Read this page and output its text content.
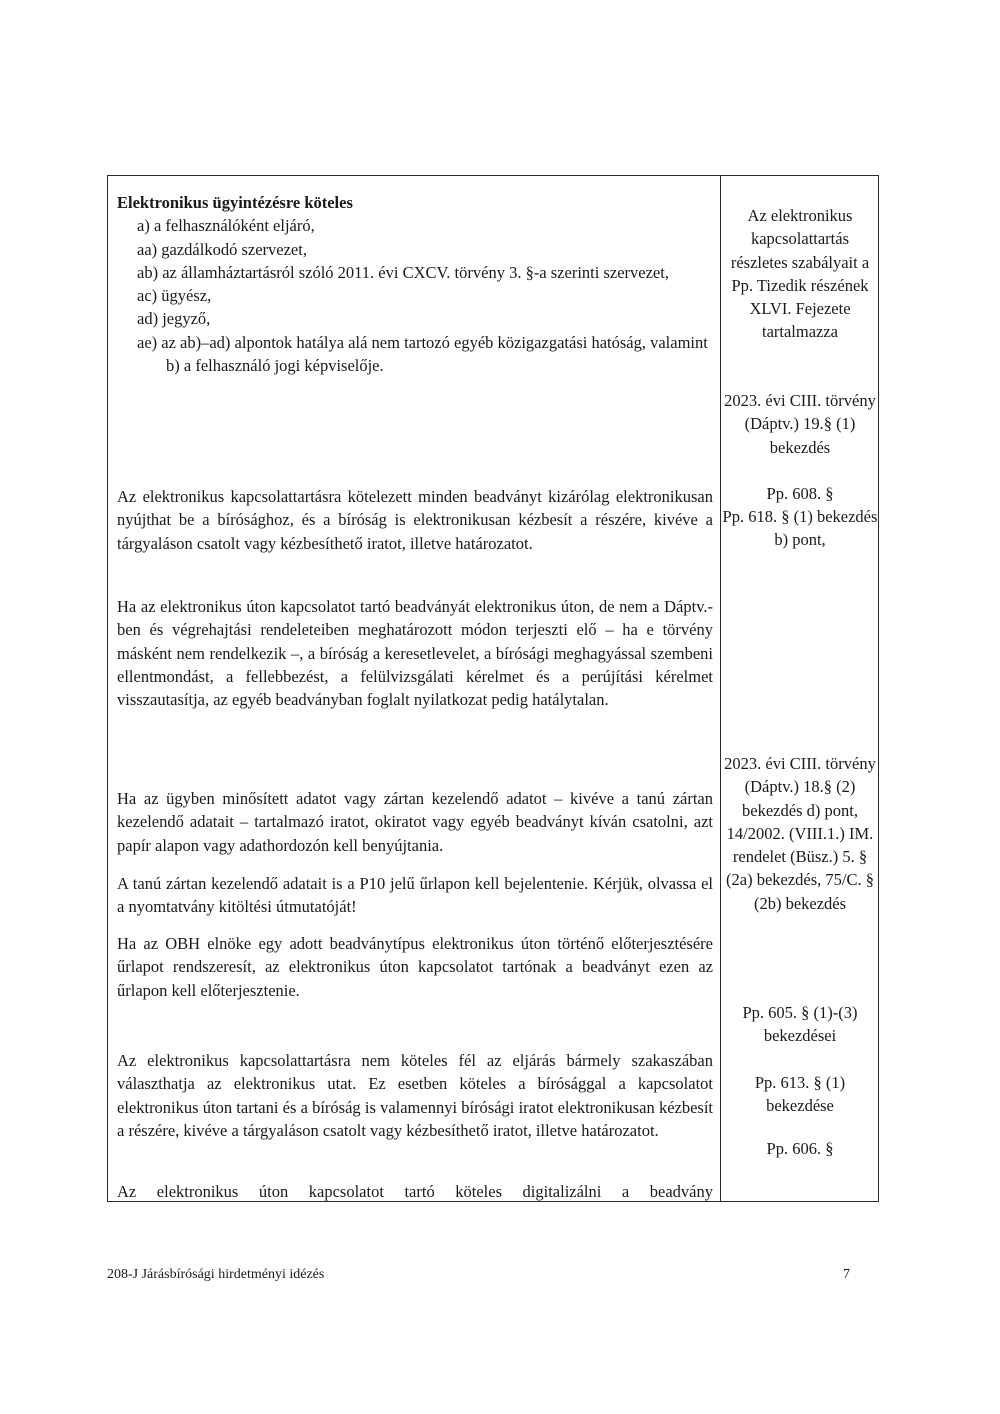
Elektronikus ügyintézésre köteles

a) a felhasználóként eljáró,

aa) gazdálkodó szervezet,

ab) az államháztartásról szóló 2011. évi CXCV. törvény 3. §-a szerinti szervezet,

ac) ügyész,

ad) jegyző,

ae) az ab)–ad) alpontok hatálya alá nem tartozó egyéb közigazgatási hatóság, valamint

b) a felhasználó jogi képviselője.

Az elektronikus kapcsolattartásra kötelezett minden beadványt kizárólag elektronikusan nyújthat be a bírósághoz, és a bíróság is elektronikusan kézbesít a részére, kivéve a tárgyaláson csatolt vagy kézbesíthető iratot, illetve határozatot.

Ha az elektronikus úton kapcsolatot tartó beadványát elektronikus úton, de nem a Dáptv.-ben és végrehajtási rendeleteiben meghatározott módon terjeszti elő – ha e törvény másként nem rendelkezik –, a bíróság a keresetlevelet, a bírósági meghagyással szembeni ellentmondást, a fellebbezést, a felülvizsgálati kérelmet és a perújítási kérelmet visszautasítja, az egyéb beadványban foglalt nyilatkozat pedig hatálytalan.

Ha az ügyben minősített adatot vagy zártan kezelendő adatot – kivéve a tanú zártan kezelendő adatait – tartalmazó iratot, okiratot vagy egyéb beadványt kíván csatolni, azt papír alapon vagy adathordozón kell benyújtania.

A tanú zártan kezelendő adatait is a P10 jelű űrlapon kell bejelentenie. Kérjük, olvassa el a nyomtatvány kitöltési útmutatóját!

Ha az OBH elnöke egy adott beadványtípus elektronikus úton történő előterjesztésére űrlapot rendszeresít, az elektronikus úton kapcsolatot tartónak a beadványt ezen az űrlapon kell előterjesztenie.

Az elektronikus kapcsolattartásra nem köteles fél az eljárás bármely szakaszában választhatja az elektronikus utat. Ez esetben köteles a bírósággal a kapcsolatot elektronikus úton tartani és a bíróság is valamennyi bírósági iratot elektronikusan kézbesít a részére, kivéve a tárgyaláson csatolt vagy kézbesíthető iratot, illetve határozatot.

Az elektronikus úton kapcsolatot tartó köteles digitalizálni a beadvány

Az elektronikus kapcsolattartás részletes szabályait a Pp. Tizedik részének XLVI. Fejezete tartalmazza

2023. évi CIII. törvény (Dáptv.) 19.§ (1) bekezdés

Pp. 608. §

Pp. 618. § (1) bekezdés b) pont,

2023. évi CIII. törvény (Dáptv.) 18.§ (2) bekezdés d) pont, 14/2002. (VIII.1.) IM. rendelet (Büsz.) 5. § (2a) bekezdés, 75/C. § (2b) bekezdés

Pp. 605. § (1)-(3) bekezdései

Pp. 613. § (1) bekezdése

Pp. 606. §

208-J Járásbírósági hirdetményi idézés	7
